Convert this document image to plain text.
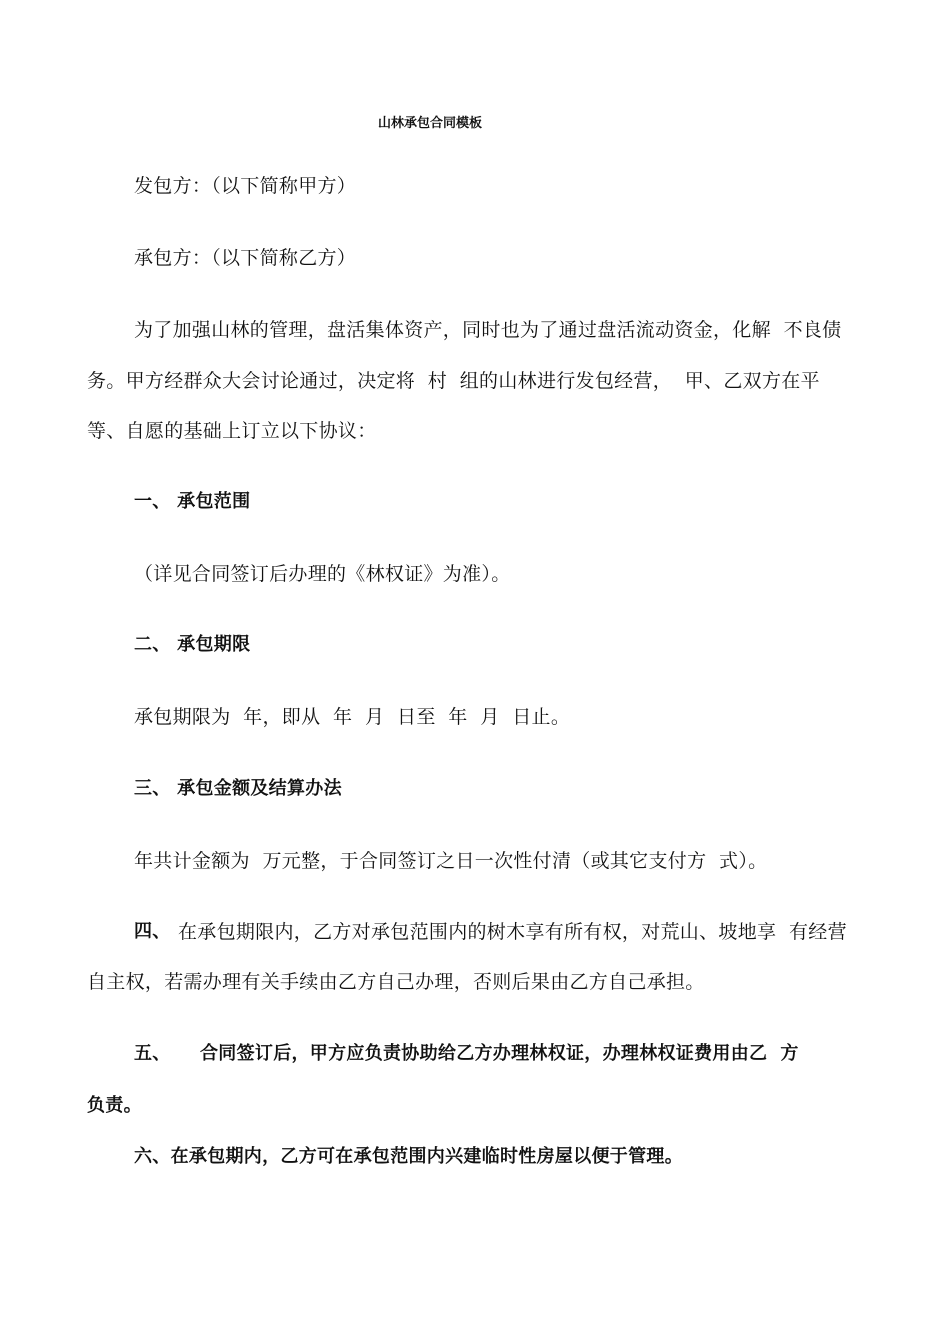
山林承包合同模板
发包方：（以下简称甲方）
承包方：（以下简称乙方）
为了加强山林的管理，盘活集体资产，同时也为了通过盘活流动资金，化解  不良债
务。甲方经群众大会讨论通过，决定将  村  组的山林进行发包经营，  甲、乙双方在平
等、自愿的基础上订立以下协议：
一、 承包范围
（详见合同签订后办理的《林权证》为准）。
二、 承包期限
承包期限为  年，即从  年  月  日至  年  月  日止。
三、 承包金额及结算办法
年共计金额为  万元整，于合同签订之日一次性付清（或其它支付方  式）。
四、 在承包期限内，乙方对承包范围内的树木享有所有权，对荒山、坡地享  有经营
自主权，若需办理有关手续由乙方自己办理，否则后果由乙方自己承担。
五、 合同签订后，甲方应负责协助给乙方办理林权证，办理林权证费用由乙  方
负责。
六、在承包期内，乙方可在承包范围内兴建临时性房屋以便于管理。
